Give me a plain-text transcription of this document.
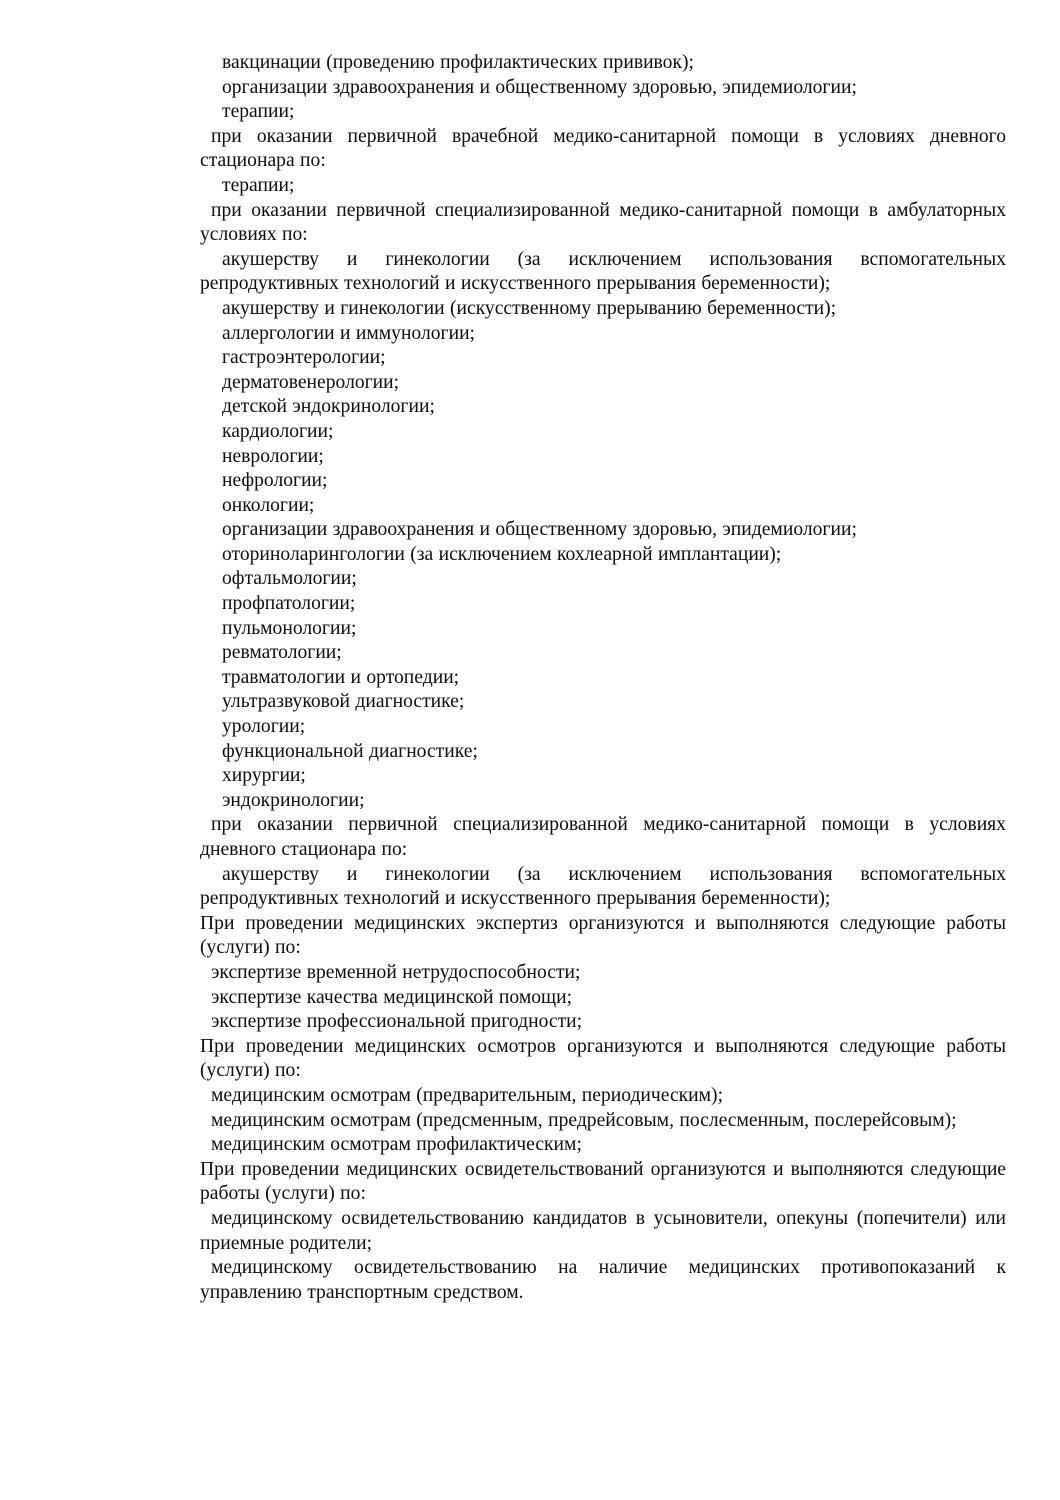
вакцинации (проведению профилактических прививок);

организации здравоохранения и общественному здоровью, эпидемиологии;

терапии;

при оказании первичной врачебной медико-санитарной помощи в условиях дневного стационара по:

терапии;

при оказании первичной специализированной медико-санитарной помощи в амбулаторных условиях по:

акушерству и гинекологии (за исключением использования вспомогательных репродуктивных технологий и искусственного прерывания беременности);

акушерству и гинекологии (искусственному прерыванию беременности);

аллергологии и иммунологии;

гастроэнтерологии;

дерматовенерологии;

детской эндокринологии;

кардиологии;

неврологии;

нефрологии;

онкологии;

организации здравоохранения и общественному здоровью, эпидемиологии;

оториноларингологии (за исключением кохлеарной имплантации);

офтальмологии;

профпатологии;

пульмонологии;

ревматологии;

травматологии и ортопедии;

ультразвуковой диагностике;

урологии;

функциональной диагностике;

хирургии;

эндокринологии;

при оказании первичной специализированной медико-санитарной помощи в условиях дневного стационара по:

акушерству и гинекологии (за исключением использования вспомогательных репродуктивных технологий и искусственного прерывания беременности);

При проведении медицинских экспертиз организуются и выполняются следующие работы (услуги) по:

экспертизе временной нетрудоспособности;

экспертизе качества медицинской помощи;

экспертизе профессиональной пригодности;

При проведении медицинских осмотров организуются и выполняются следующие работы (услуги) по:

медицинским осмотрам (предварительным, периодическим);

медицинским осмотрам (предсменным, предрейсовым, послесменным, послерейсовым);

медицинским осмотрам профилактическим;

При проведении медицинских освидетельствований организуются и выполняются следующие работы (услуги) по:

медицинскому освидетельствованию кандидатов в усыновители, опекуны (попечители) или приемные родители;

медицинскому освидетельствованию на наличие медицинских противопоказаний к управлению транспортным средством.
